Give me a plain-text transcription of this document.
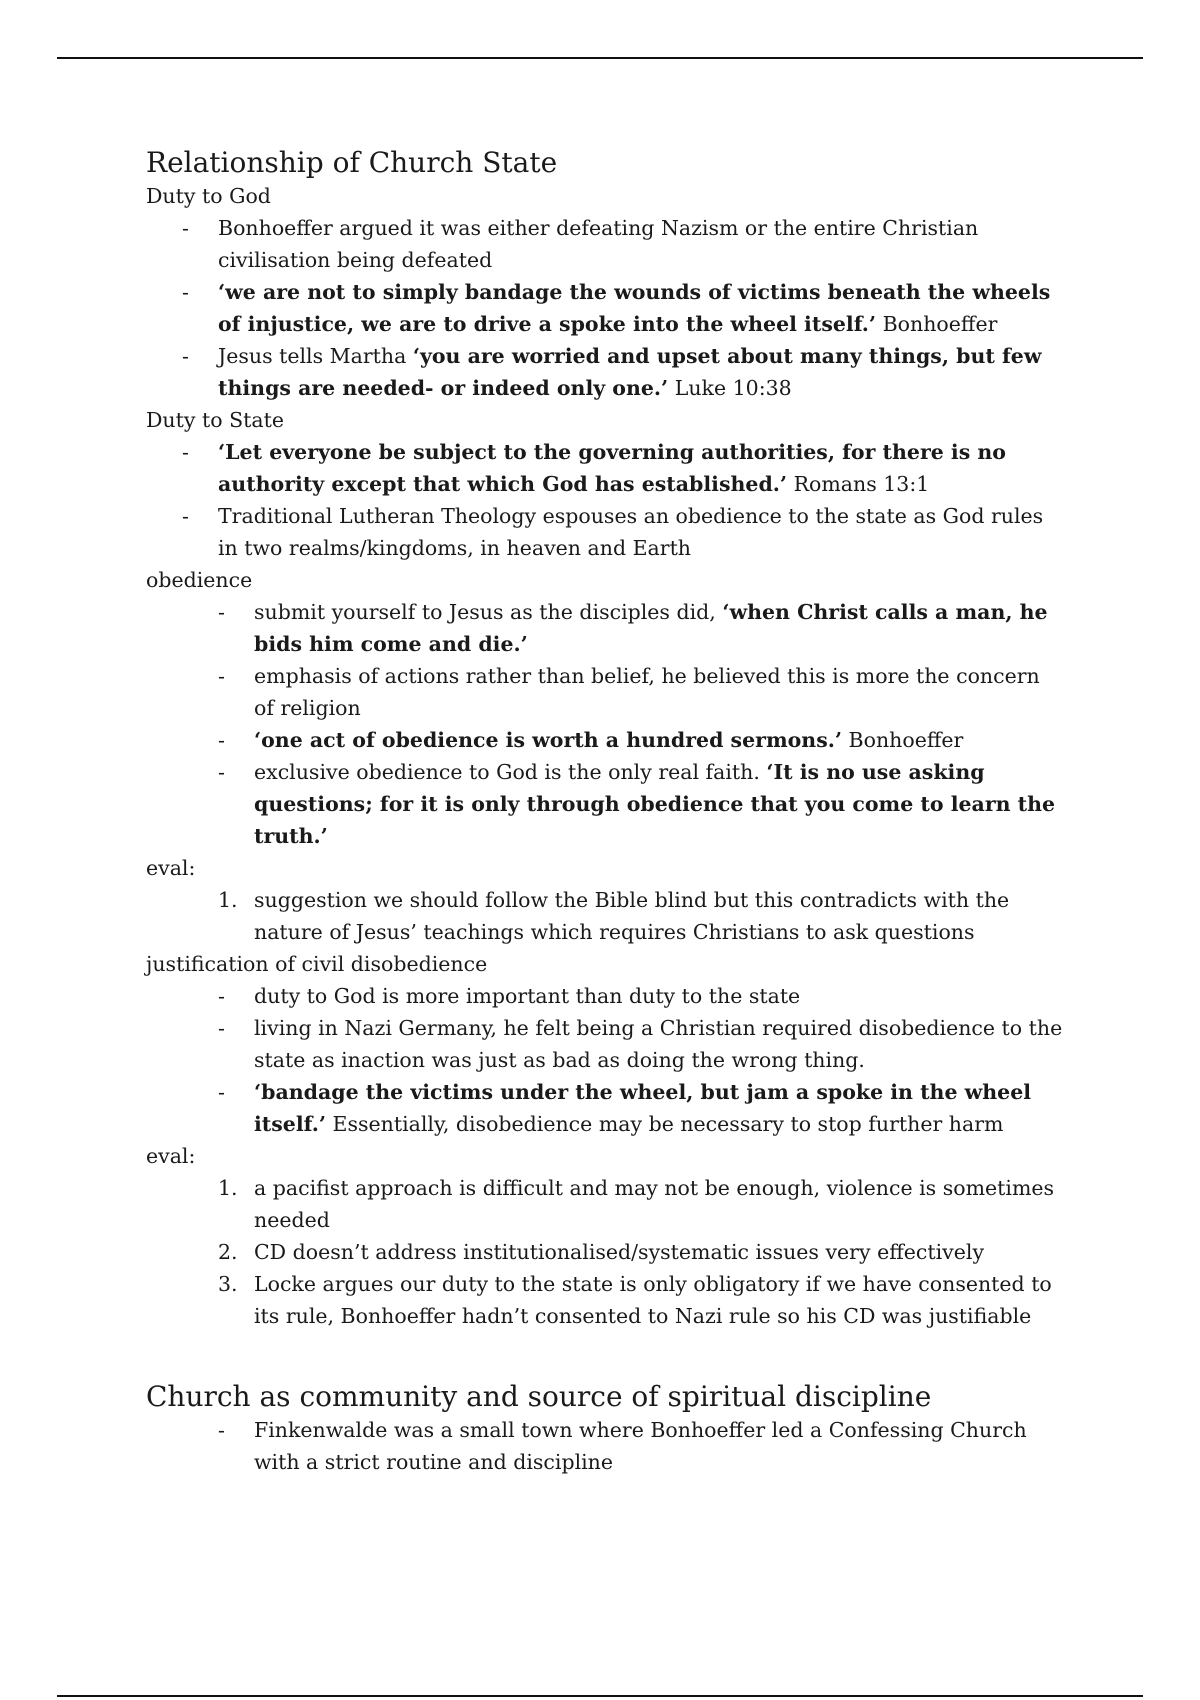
Relationship of Church State

Duty to God

- Bonhoeffer argued it was either defeating Nazism or the entire Christian civilisation being defeated
- ‘we are not to simply bandage the wounds of victims beneath the wheels of injustice, we are to drive a spoke into the wheel itself.’ Bonhoeffer
- Jesus tells Martha ‘you are worried and upset about many things, but few things are needed- or indeed only one.’ Luke 10:38

Duty to State

- ‘Let everyone be subject to the governing authorities, for there is no authority except that which God has established.’ Romans 13:1
- Traditional Lutheran Theology espouses an obedience to the state as God rules in two realms/kingdoms, in heaven and Earth

obedience

- submit yourself to Jesus as the disciples did, ‘when Christ calls a man, he bids him come and die.’
- emphasis of actions rather than belief, he believed this is more the concern of religion
- ‘one act of obedience is worth a hundred sermons.’ Bonhoeffer
- exclusive obedience to God is the only real faith. ‘It is no use asking questions; for it is only through obedience that you come to learn the truth.’

eval:

1. suggestion we should follow the Bible blind but this contradicts with the nature of Jesus’ teachings which requires Christians to ask questions

justification of civil disobedience

- duty to God is more important than duty to the state
- living in Nazi Germany, he felt being a Christian required disobedience to the state as inaction was just as bad as doing the wrong thing.
- ‘bandage the victims under the wheel, but jam a spoke in the wheel itself.’ Essentially, disobedience may be necessary to stop further harm

eval:

1. a pacifist approach is difficult and may not be enough, violence is sometimes needed
2. CD doesn’t address institutionalised/systematic issues very effectively
3. Locke argues our duty to the state is only obligatory if we have consented to its rule, Bonhoeffer hadn’t consented to Nazi rule so his CD was justifiable
Church as community and source of spiritual discipline
- Finkenwalde was a small town where Bonhoeffer led a Confessing Church with a strict routine and discipline
